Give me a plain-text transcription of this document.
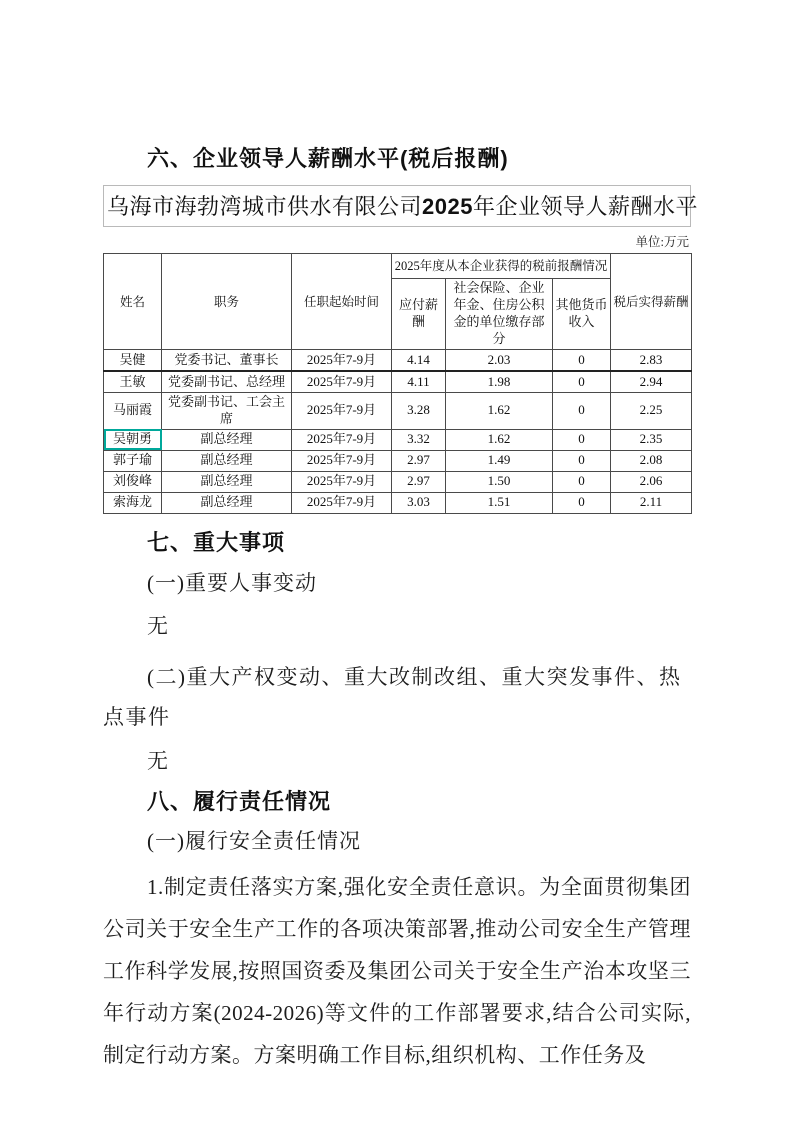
六、企业领导人薪酬水平(税后报酬)
乌海市海勃湾城市供水有限公司2025年企业领导人薪酬水平
单位:万元
姓名	职务	任职起始时间	2025年度从本企业获得的税前报酬情况			税后实得薪酬
			应付薪酬	社会保险、企业年金、住房公积金的单位缴存部分	其他货币收入	
吴健	党委书记、董事长	2025年7-9月	4.14	2.03	0	2.83
王敏	党委副书记、总经理	2025年7-9月	4.11	1.98	0	2.94
马丽霞	党委副书记、工会主席	2025年7-9月	3.28	1.62	0	2.25
吴朝勇	副总经理	2025年7-9月	3.32	1.62	0	2.35
郭子瑜	副总经理	2025年7-9月	2.97	1.49	0	2.08
刘俊峰	副总经理	2025年7-9月	2.97	1.50	0	2.06
索海龙	副总经理	2025年7-9月	3.03	1.51	0	2.11
七、重大事项

(一)重要人事变动

无

(二)重大产权变动、重大改制改组、重大突发事件、热点事件

无

八、履行责任情况

(一)履行安全责任情况

1.制定责任落实方案,强化安全责任意识。为全面贯彻集团公司关于安全生产工作的各项决策部署,推动公司安全生产管理工作科学发展,按照国资委及集团公司关于安全生产治本攻坚三年行动方案(2024-2026)等文件的工作部署要求,结合公司实际,制定行动方案。方案明确工作目标,组织机构、工作任务及
